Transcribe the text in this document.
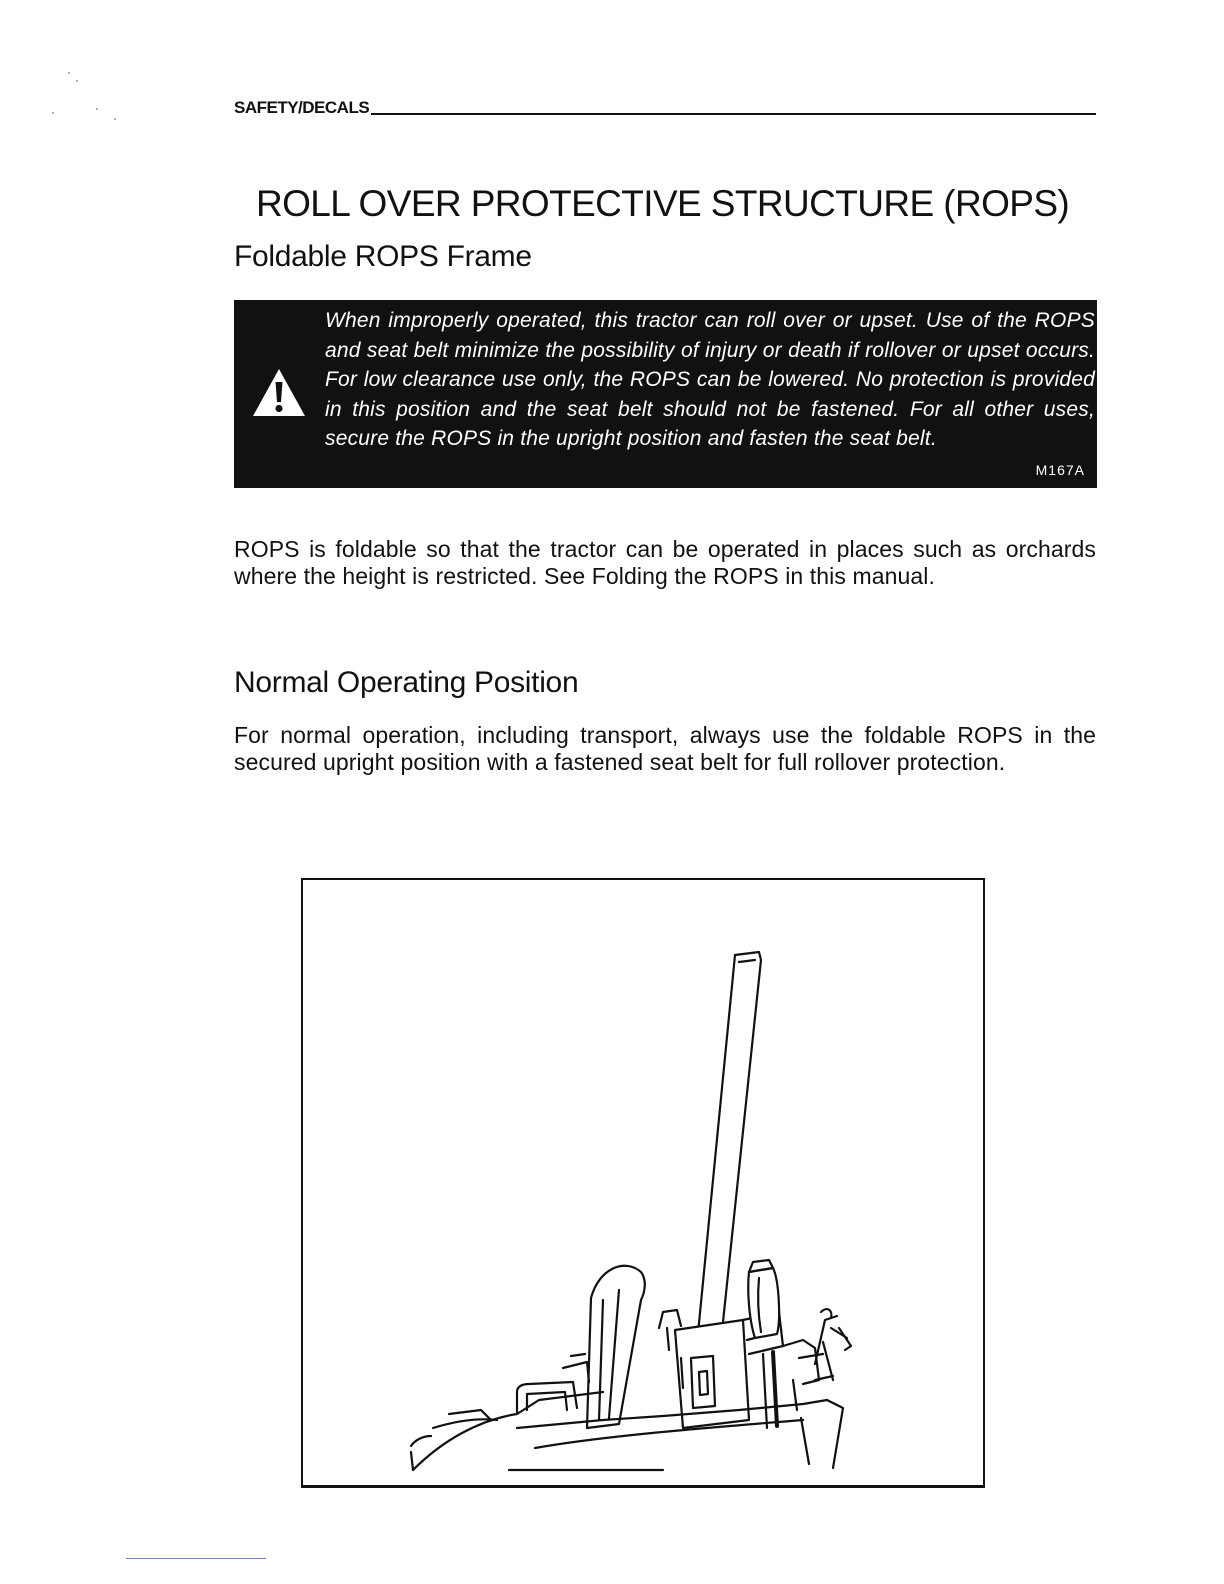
SAFETY/DECALS
ROLL OVER PROTECTIVE STRUCTURE (ROPS)
Foldable ROPS Frame

When improperly operated, this tractor can roll over or upset. Use of the ROPS and seat belt minimize the possibility of injury or death if rollover or upset occurs. For low clearance use only, the ROPS can be lowered. No protection is provided in this position and the seat belt should not be fastened. For all other uses, secure the ROPS in the upright position and fasten the seat belt.

M167A

ROPS is foldable so that the tractor can be operated in places such as orchards where the height is restricted. See Folding the ROPS in this manual.

Normal Operating Position

For normal operation, including transport, always use the foldable ROPS in the secured upright position with a fastened seat belt for full rollover protection.
